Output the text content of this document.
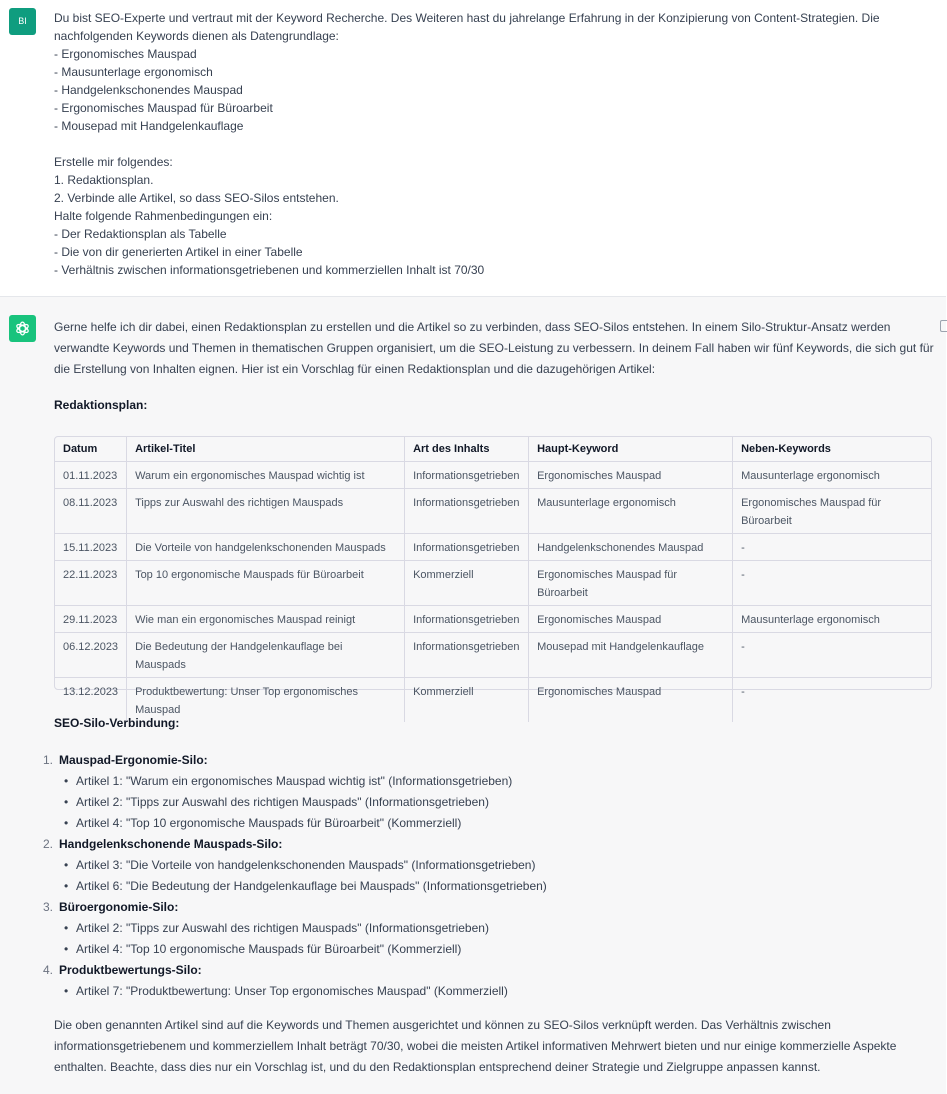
BI	Du bist SEO-Experte und vertraut mit der Keyword Recherche. Des Weiteren hast du jahrelange Erfahrung in der Konzipierung von Content-Strategien. Die
nachfolgenden Keywords dienen als Datengrundlage:
- Ergonomisches Mauspad
- Mausunterlage ergonomisch
- Handgelenkschonendes Mauspad
- Ergonomisches Mauspad für Büroarbeit
- Mousepad mit Handgelenkauflage
Erstelle mir folgendes:
1. Redaktionsplan.
2. Verbinde alle Artikel, so dass SEO-Silos entstehen.
Halte folgende Rahmenbedingungen ein:
- Der Redaktionsplan als Tabelle
- Die von dir generierten Artikel in einer Tabelle
- Verhältnis zwischen informationsgetriebenen und kommerziellen Inhalt ist 70/30
Gerne helfe ich dir dabei, einen Redaktionsplan zu erstellen und die Artikel so zu verbinden, dass SEO-Silos entstehen. In einem Silo-Struktur-Ansatz werden verwandte Keywords und Themen in thematischen Gruppen organisiert, um die SEO-Leistung zu verbessern. In deinem Fall haben wir fünf Keywords, die sich gut für die Erstellung von Inhalten eignen. Hier ist ein Vorschlag für einen Redaktionsplan und die dazugehörigen Artikel:
Redaktionsplan:
Datum	Artikel-Titel	Art des Inhalts	Haupt-Keyword	Neben-Keywords
01.11.2023	Warum ein ergonomisches Mauspad wichtig ist	Informationsgetrieben	Ergonomisches Mauspad	Mausunterlage ergonomisch
08.11.2023	Tipps zur Auswahl des richtigen Mauspads	Informationsgetrieben	Mausunterlage ergonomisch	Ergonomisches Mauspad für Büroarbeit
15.11.2023	Die Vorteile von handgelenkschonenden Mauspads	Informationsgetrieben	Handgelenkschonendes Mauspad	-
22.11.2023	Top 10 ergonomische Mauspads für Büroarbeit	Kommerziell	Ergonomisches Mauspad für Büroarbeit	-
29.11.2023	Wie man ein ergonomisches Mauspad reinigt	Informationsgetrieben	Ergonomisches Mauspad	Mausunterlage ergonomisch
06.12.2023	Die Bedeutung der Handgelenkauflage bei Mauspads	Informationsgetrieben	Mousepad mit Handgelenkauflage	-
13.12.2023	Produktbewertung: Unser Top ergonomisches Mauspad	Kommerziell	Ergonomisches Mauspad	-
SEO-Silo-Verbindung:
1. Mauspad-Ergonomie-Silo:
• Artikel 1: "Warum ein ergonomisches Mauspad wichtig ist" (Informationsgetrieben)
• Artikel 2: "Tipps zur Auswahl des richtigen Mauspads" (Informationsgetrieben)
• Artikel 4: "Top 10 ergonomische Mauspads für Büroarbeit" (Kommerziell)
2. Handgelenkschonende Mauspads-Silo:
• Artikel 3: "Die Vorteile von handgelenkschonenden Mauspads" (Informationsgetrieben)
• Artikel 6: "Die Bedeutung der Handgelenkauflage bei Mauspads" (Informationsgetrieben)
3. Büroergonomie-Silo:
• Artikel 2: "Tipps zur Auswahl des richtigen Mauspads" (Informationsgetrieben)
• Artikel 4: "Top 10 ergonomische Mauspads für Büroarbeit" (Kommerziell)
4. Produktbewertungs-Silo:
• Artikel 7: "Produktbewertung: Unser Top ergonomisches Mauspad" (Kommerziell)
Die oben genannten Artikel sind auf die Keywords und Themen ausgerichtet und können zu SEO-Silos verknüpft werden. Das Verhältnis zwischen informationsgetriebenem und kommerziellem Inhalt beträgt 70/30, wobei die meisten Artikel informativen Mehrwert bieten und nur einige kommerzielle Aspekte enthalten. Beachte, dass dies nur ein Vorschlag ist, und du den Redaktionsplan entsprechend deiner Strategie und Zielgruppe anpassen kannst.
